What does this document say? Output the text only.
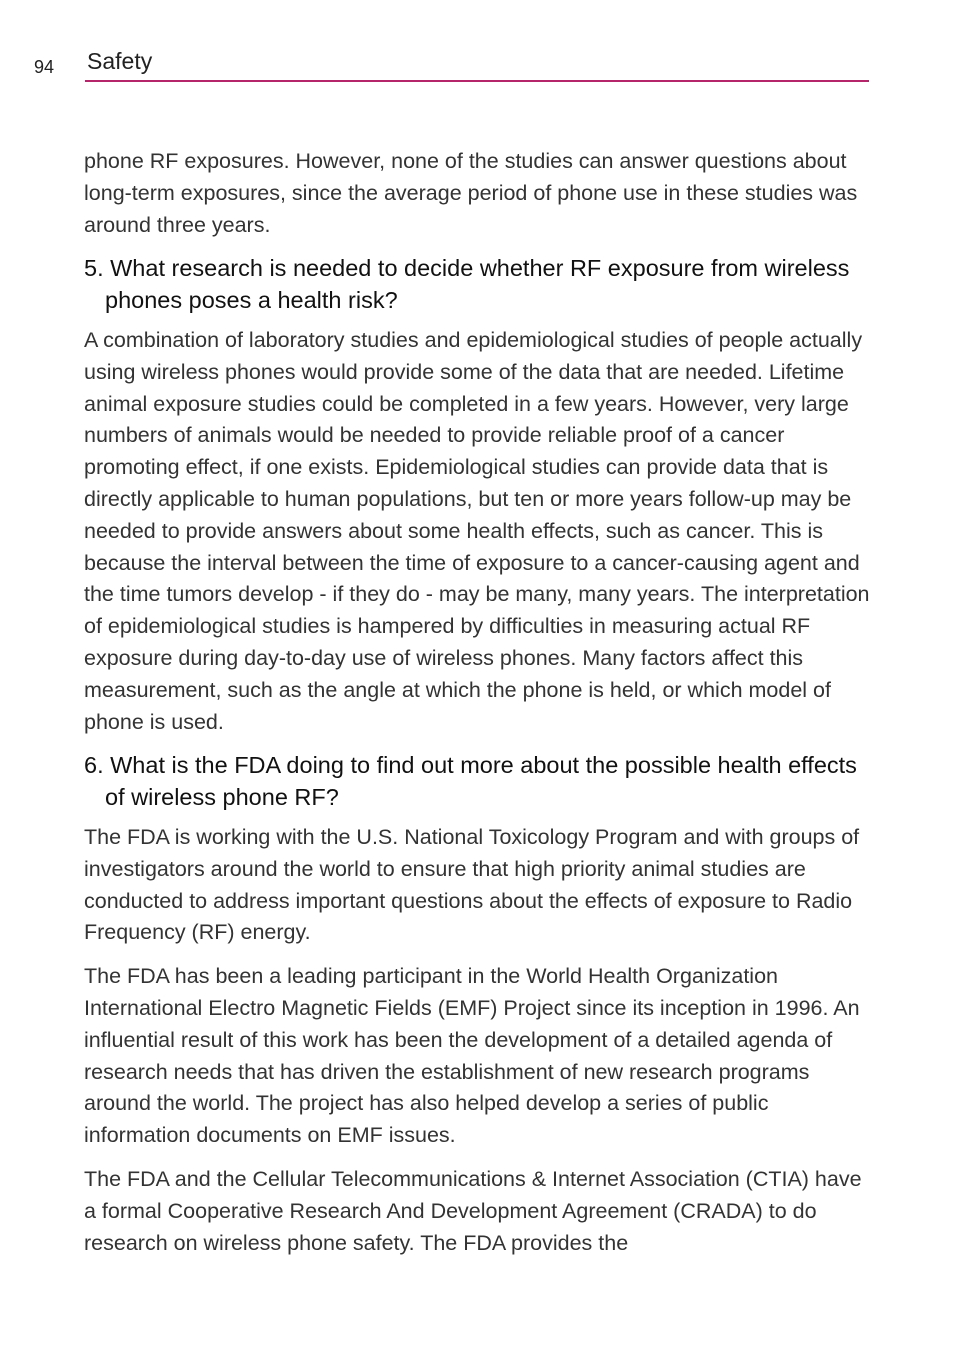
94 Safety

phone RF exposures. However, none of the studies can answer questions about long-term exposures, since the average period of phone use in these studies was around three years.

5. What research is needed to decide whether RF exposure from wireless phones poses a health risk?

A combination of laboratory studies and epidemiological studies of people actually using wireless phones would provide some of the data that are needed. Lifetime animal exposure studies could be completed in a few years. However, very large numbers of animals would be needed to provide reliable proof of a cancer promoting effect, if one exists. Epidemiological studies can provide data that is directly applicable to human populations, but ten or more years follow-up may be needed to provide answers about some health effects, such as cancer. This is because the interval between the time of exposure to a cancer-causing agent and the time tumors develop - if they do - may be many, many years. The interpretation of epidemiological studies is hampered by difficulties in measuring actual RF exposure during day-to-day use of wireless phones. Many factors affect this measurement, such as the angle at which the phone is held, or which model of phone is used.

6. What is the FDA doing to find out more about the possible health effects of wireless phone RF?

The FDA is working with the U.S. National Toxicology Program and with groups of investigators around the world to ensure that high priority animal studies are conducted to address important questions about the effects of exposure to Radio Frequency (RF) energy.

The FDA has been a leading participant in the World Health Organization International Electro Magnetic Fields (EMF) Project since its inception in 1996. An influential result of this work has been the development of a detailed agenda of research needs that has driven the establishment of new research programs around the world. The project has also helped develop a series of public information documents on EMF issues.

The FDA and the Cellular Telecommunications & Internet Association (CTIA) have a formal Cooperative Research And Development Agreement (CRADA) to do research on wireless phone safety. The FDA provides the
